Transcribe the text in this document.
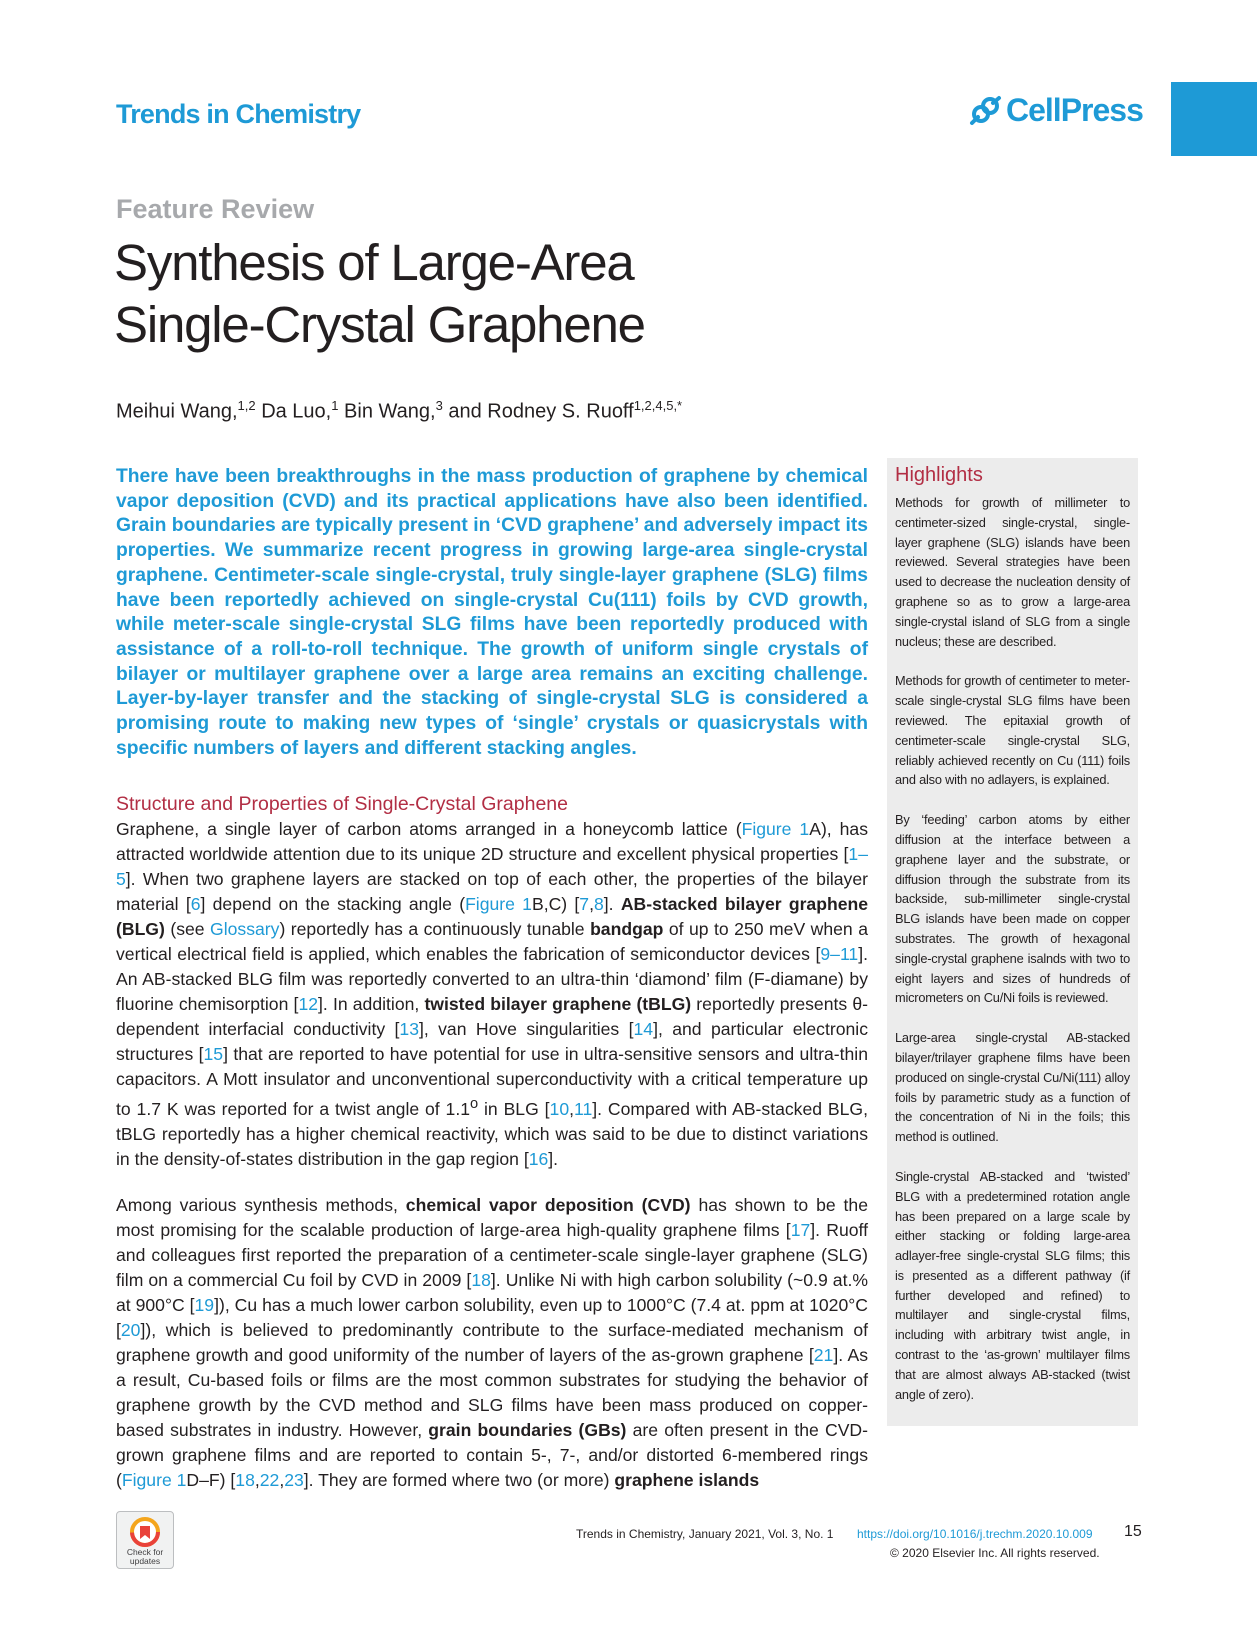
Trends in Chemistry	CellPress
Feature Review
Synthesis of Large-Area
Single-Crystal Graphene
Meihui Wang,$^{1,2}$ Da Luo,$^1$ Bin Wang,$^3$ and Rodney S. Ruoff$^{1,2,4,5,*}$

There have been breakthroughs in the mass production of graphene by chemical vapor deposition (CVD) and its practical applications have also been identified. Grain boundaries are typically present in ‘CVD graphene’ and adversely impact its properties. We summarize recent progress in growing large-area single-crystal graphene. Centimeter-scale single-crystal, truly single-layer graphene (SLG) films have been reportedly achieved on single-crystal Cu(111) foils by CVD growth, while meter-scale single-crystal SLG films have been reportedly produced with assistance of a roll-to-roll technique. The growth of uniform single crystals of bilayer or multilayer graphene over a large area remains an exciting challenge. Layer-by-layer transfer and the stacking of single-crystal SLG is considered a promising route to making new types of ‘single’ crystals or quasicrystals with specific numbers of layers and different stacking angles.

Structure and Properties of Single-Crystal Graphene

Graphene, a single layer of carbon atoms arranged in a honeycomb lattice (Figure 1A), has attracted worldwide attention due to its unique 2D structure and excellent physical properties [1–5]. When two graphene layers are stacked on top of each other, the properties of the bilayer material [6] depend on the stacking angle (Figure 1B,C) [7,8]. AB-stacked bilayer graphene (BLG) (see Glossary) reportedly has a continuously tunable bandgap of up to 250 meV when a vertical electrical field is applied, which enables the fabrication of semiconductor devices [9–11]. An AB-stacked BLG film was reportedly converted to an ultra-thin ‘diamond’ film (F-diamane) by fluorine chemisorption [12]. In addition, twisted bilayer graphene (tBLG) reportedly presents θ-dependent interfacial conductivity [13], van Hove singularities [14], and particular electronic structures [15] that are reported to have potential for use in ultra-sensitive sensors and ultra-thin capacitors. A Mott insulator and unconventional superconductivity with a critical temperature up to 1.7 K was reported for a twist angle of 1.1$^o$ in BLG [10,11]. Compared with AB-stacked BLG, tBLG reportedly has a higher chemical reactivity, which was said to be due to distinct variations in the density-of-states distribution in the gap region [16].

Among various synthesis methods, chemical vapor deposition (CVD) has shown to be the most promising for the scalable production of large-area high-quality graphene films [17]. Ruoff and colleagues first reported the preparation of a centimeter-scale single-layer graphene (SLG) film on a commercial Cu foil by CVD in 2009 [18]. Unlike Ni with high carbon solubility (~0.9 at.% at 900°C [19]), Cu has a much lower carbon solubility, even up to 1000°C (7.4 at. ppm at 1020°C [20]), which is believed to predominantly contribute to the surface-mediated mechanism of graphene growth and good uniformity of the number of layers of the as-grown graphene [21]. As a result, Cu-based foils or films are the most common substrates for studying the behavior of graphene growth by the CVD method and SLG films have been mass produced on copper-based substrates in industry. However, grain boundaries (GBs) are often present in the CVD-grown graphene films and are reported to contain 5-, 7-, and/or distorted 6-membered rings (Figure 1D–F) [18,22,23]. They are formed where two (or more) graphene islands

Highlights

Methods for growth of millimeter to centimeter-sized single-crystal, single-layer graphene (SLG) islands have been reviewed. Several strategies have been used to decrease the nucleation density of graphene so as to grow a large-area single-crystal island of SLG from a single nucleus; these are described.

Methods for growth of centimeter to meter-scale single-crystal SLG films have been reviewed. The epitaxial growth of centimeter-scale single-crystal SLG, reliably achieved recently on Cu (111) foils and also with no adlayers, is explained.

By ‘feeding’ carbon atoms by either diffusion at the interface between a graphene layer and the substrate, or diffusion through the substrate from its backside, sub-millimeter single-crystal BLG islands have been made on copper substrates. The growth of hexagonal single-crystal graphene isalnds with two to eight layers and sizes of hundreds of micrometers on Cu/Ni foils is reviewed.

Large-area single-crystal AB-stacked bilayer/trilayer graphene films have been produced on single-crystal Cu/Ni(111) alloy foils by parametric study as a function of the concentration of Ni in the foils; this method is outlined.

Single-crystal AB-stacked and ‘twisted’ BLG with a predetermined rotation angle has been prepared on a large scale by either stacking or folding large-area adlayer-free single-crystal SLG films; this is presented as a different pathway (if further developed and refined) to multilayer and single-crystal films, including with arbitrary twist angle, in contrast to the ‘as-grown’ multilayer films that are almost always AB-stacked (twist angle of zero).

Check for updates
Trends in Chemistry, January 2021, Vol. 3, No. 1 https://doi.org/10.1016/j.trechm.2020.10.009 15
© 2020 Elsevier Inc. All rights reserved.
